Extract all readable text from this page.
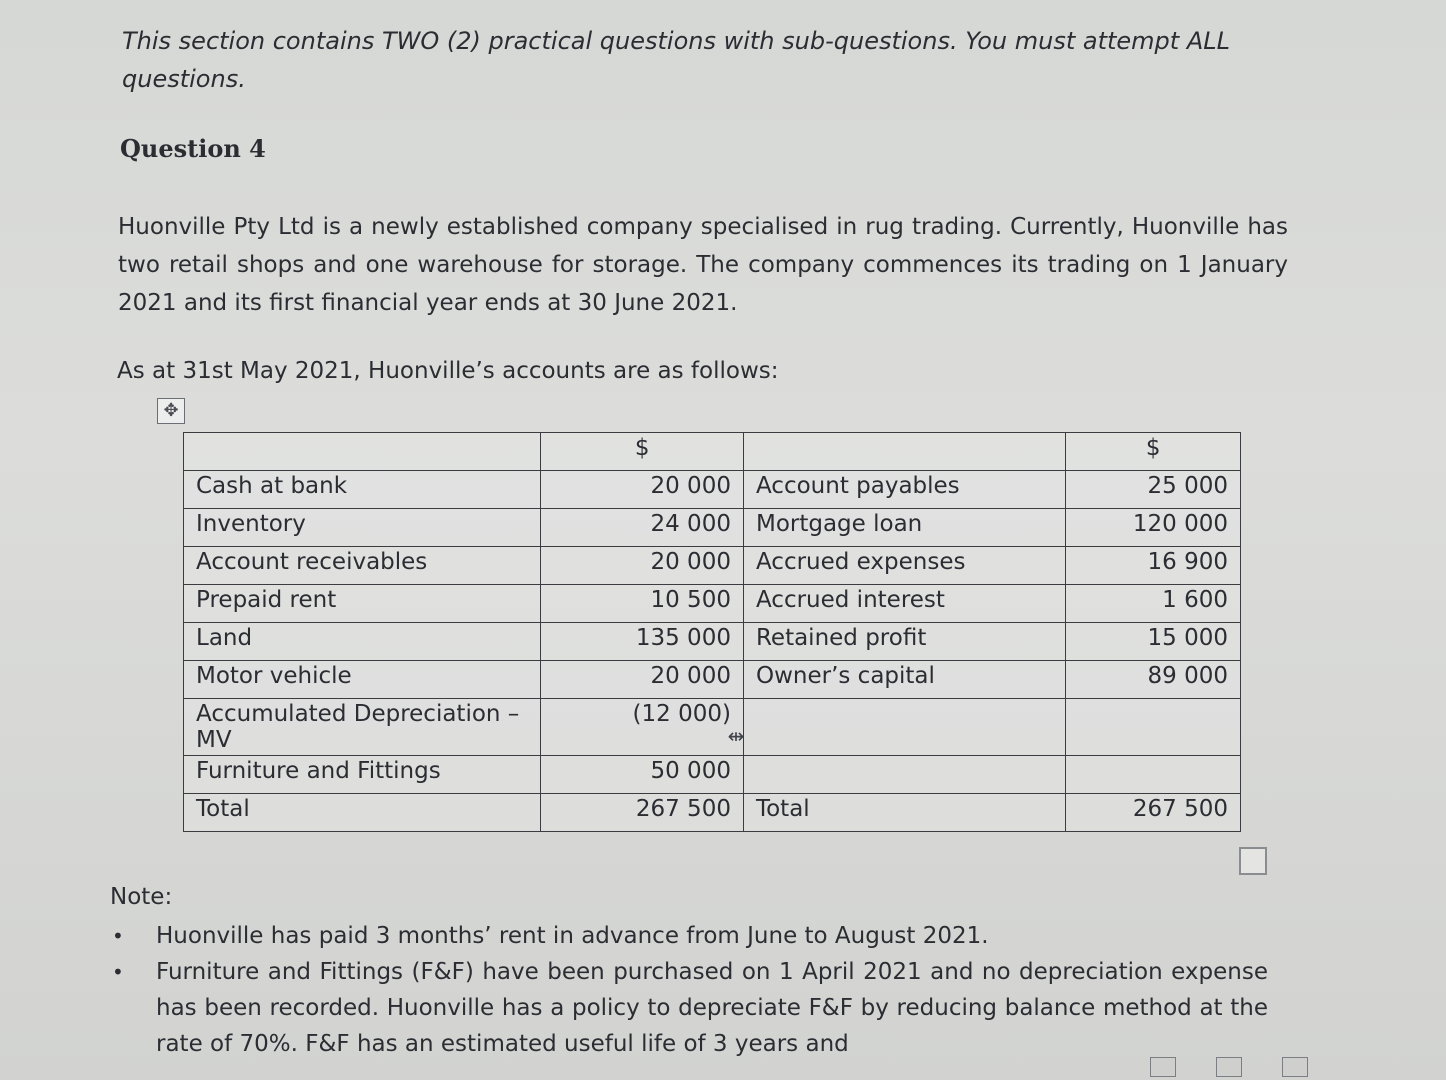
This section contains TWO (2) practical questions with sub-questions. You must attempt ALL questions.
Question 4
Huonville Pty Ltd is a newly established company specialised in rug trading. Currently, Huonville has two retail shops and one warehouse for storage. The company commences its trading on 1 January 2021 and its first financial year ends at 30 June 2021.
As at 31st May 2021, Huonville’s accounts are as follows:
✥
	$		$
Cash at bank	20 000	Account payables	25 000
Inventory	24 000	Mortgage loan	120 000
Account receivables	20 000	Accrued expenses	16 900
Prepaid rent	10 500	Accrued interest	1 600
Land	135 000	Retained profit	15 000
Motor vehicle	20 000	Owner’s capital	89 000
Accumulated Depreciation – MV	(12 000)		
Furniture and Fittings	50 000		
Total	267 500	Total	267 500
⇹
Note:
• Huonville has paid 3 months’ rent in advance from June to August 2021.
• Furniture and Fittings (F&F) have been purchased on 1 April 2021 and no depreciation expense has been recorded. Huonville has a policy to depreciate F&F by reducing balance method at the rate of 70%. F&F has an estimated useful life of 3 years and
